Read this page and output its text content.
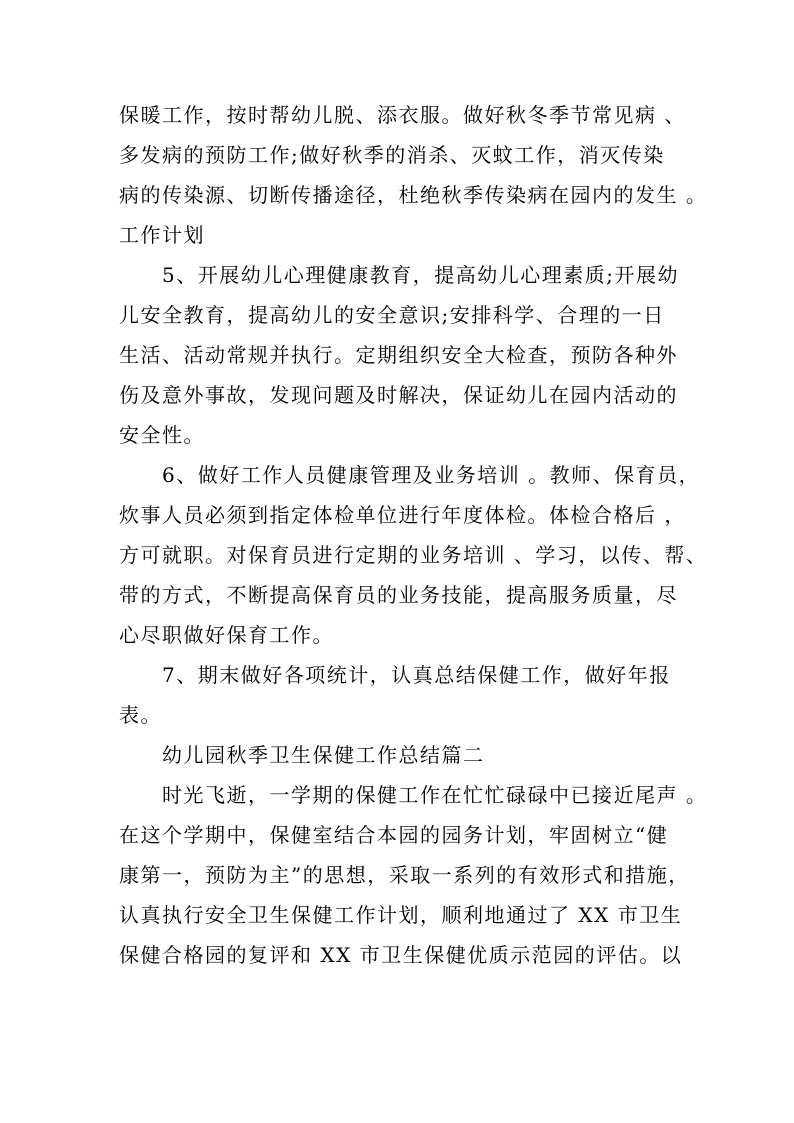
保暖工作，按时帮幼儿脱、添衣服。做好秋冬季节常见病 、
多发病的预防工作;做好秋季的消杀、灭蚊工作，消灭传染
病的传染源、切断传播途径，杜绝秋季传染病在园内的发生 。
工作计划
5、开展幼儿心理健康教育，提高幼儿心理素质;开展幼
儿安全教育，提高幼儿的安全意识;安排科学、合理的一日
生活、活动常规并执行。定期组织安全大检查，预防各种外
伤及意外事故，发现问题及时解决，保证幼儿在园内活动的
安全性。
6、做好工作人员健康管理及业务培训 。教师、保育员，
炊事人员必须到指定体检单位进行年度体检。体检合格后 ，
方可就职。对保育员进行定期的业务培训 、学习，以传、帮、
带的方式，不断提高保育员的业务技能，提高服务质量，尽
心尽职做好保育工作。
7、期末做好各项统计，认真总结保健工作，做好年报
表。
幼儿园秋季卫生保健工作总结篇二
时光飞逝，一学期的保健工作在忙忙碌碌中已接近尾声 。
在这个学期中，保健室结合本园的园务计划，牢固树立“健
康第一，预防为主”的思想，采取一系列的有效形式和措施，
认真执行安全卫生保健工作计划，顺利地通过了 XX 市卫生
保健合格园的复评和 XX 市卫生保健优质示范园的评估。以
